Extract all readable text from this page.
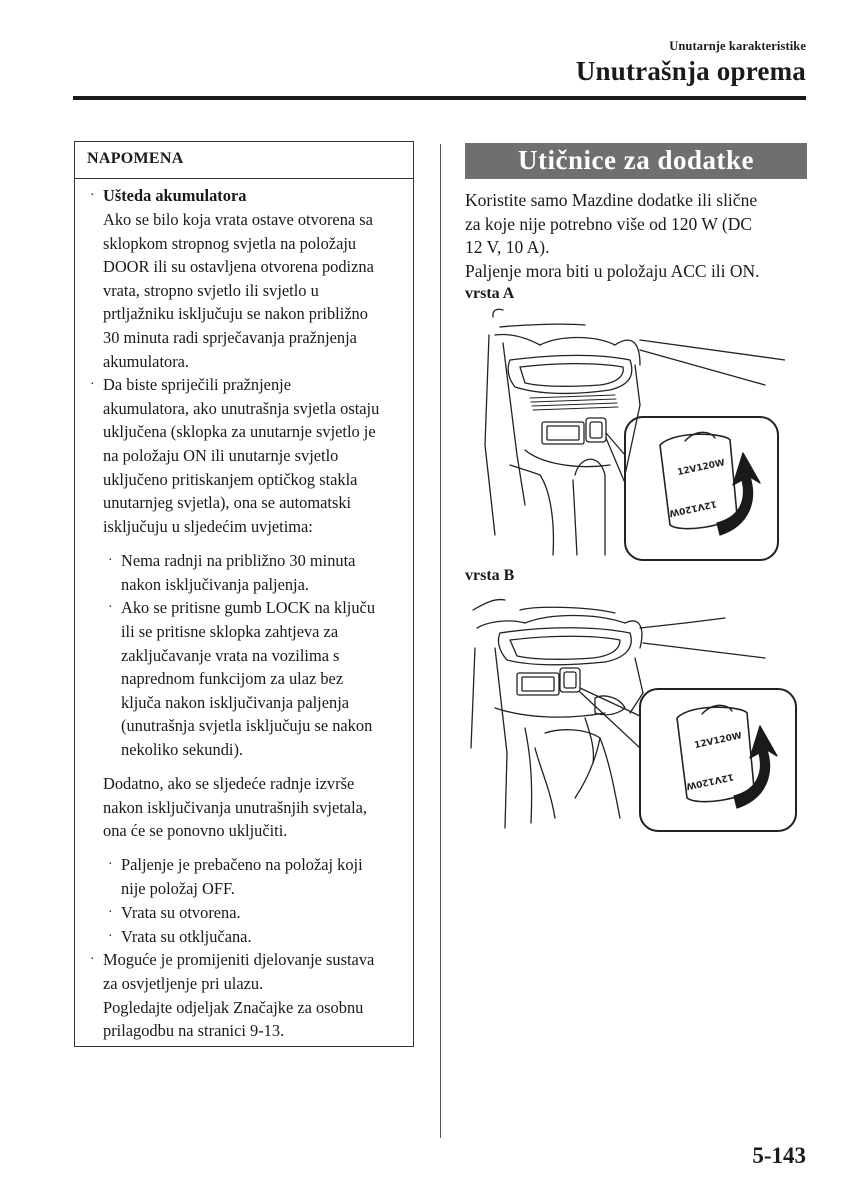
Unutarnje karakteristike
Unutrašnja oprema
NAPOMENA
·
·
·
·
·
·
·
·
Ušteda akumulatora
Ako se bilo koja vrata ostave otvorena sa
sklopkom stropnog svjetla na položaju
DOOR ili su ostavljena otvorena podizna
vrata, stropno svjetlo ili svjetlo u
prtljažniku isključuju se nakon približno
30 minuta radi sprječavanja pražnjenja
akumulatora.
Da biste spriječili pražnjenje
akumulatora, ako unutrašnja svjetla ostaju
uključena (sklopka za unutarnje svjetlo je
na položaju ON ili unutarnje svjetlo
uključeno pritiskanjem optičkog stakla
unutarnjeg svjetla), ona se automatski
isključuju u sljedećim uvjetima:
Nema radnji na približno 30 minuta
nakon isključivanja paljenja.
Ako se pritisne gumb LOCK na ključu
ili se pritisne sklopka zahtjeva za
zaključavanje vrata na vozilima s
naprednom funkcijom za ulaz bez
ključa nakon isključivanja paljenja
(unutrašnja svjetla isključuju se nakon
nekoliko sekundi).
Dodatno, ako se sljedeće radnje izvrše
nakon isključivanja unutrašnjih svjetala,
ona će se ponovno uključiti.
Paljenje je prebačeno na položaj koji
nije položaj OFF.
Vrata su otvorena.
Vrata su otključana.
Moguće je promijeniti djelovanje sustava
za osvjetljenje pri ulazu.
Pogledajte odjeljak Značajke za osobnu
prilagodbu na stranici 9-13.
Utičnice za dodatke
Koristite samo Mazdine dodatke ili slične
za koje nije potrebno više od 120 W (DC
12 V, 10 A).
Paljenje mora biti u položaju ACC ili ON.
vrsta A
12V120W
12V120W
vrsta B
12V120W
12V120W
5-143
